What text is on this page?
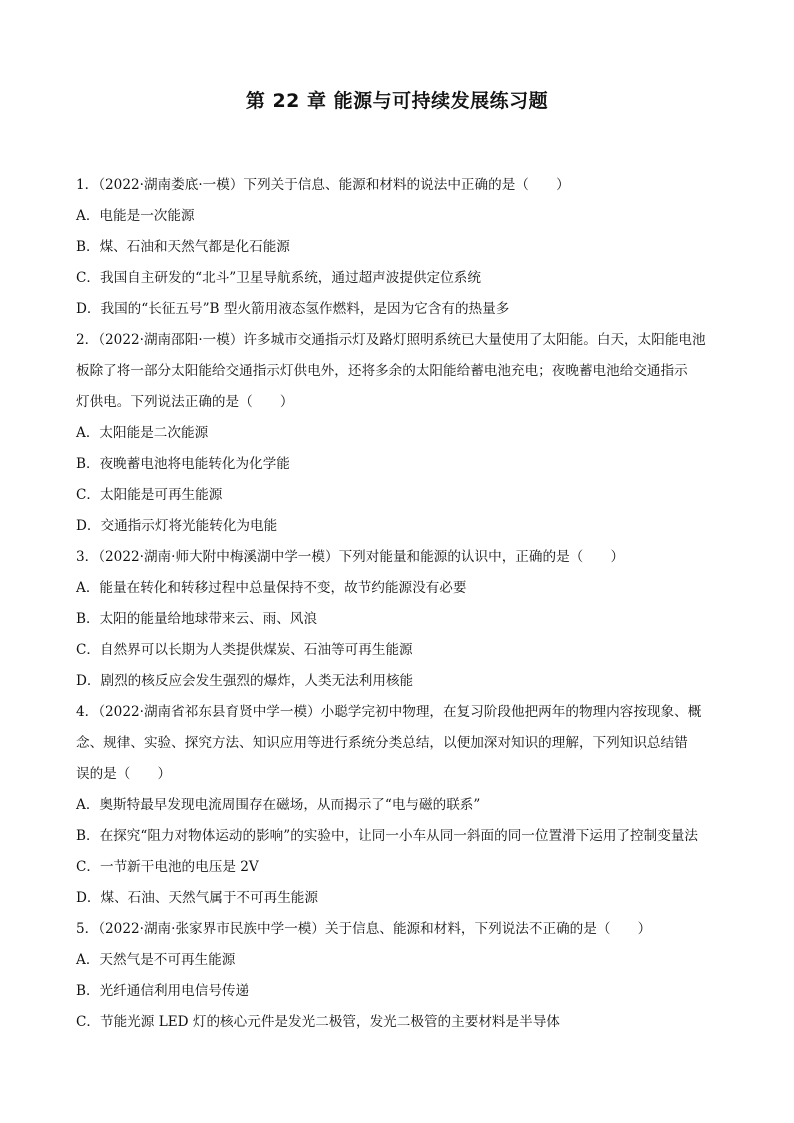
第 22 章 能源与可持续发展练习题
1．（2022·湖南娄底·一模）下列关于信息、能源和材料的说法中正确的是（　　）
A．电能是一次能源
B．煤、石油和天然气都是化石能源
C．我国自主研发的“北斗”卫星导航系统，通过超声波提供定位系统
D．我国的“长征五号”B 型火箭用液态氢作燃料，是因为它含有的热量多
2．（2022·湖南邵阳·一模）许多城市交通指示灯及路灯照明系统已大量使用了太阳能。白天，太阳能电池
板除了将一部分太阳能给交通指示灯供电外，还将多余的太阳能给蓄电池充电；夜晚蓄电池给交通指示
灯供电。下列说法正确的是（　　）
A．太阳能是二次能源
B．夜晚蓄电池将电能转化为化学能
C．太阳能是可再生能源
D．交通指示灯将光能转化为电能
3．（2022·湖南·师大附中梅溪湖中学一模）下列对能量和能源的认识中，正确的是（　　）
A．能量在转化和转移过程中总量保持不变，故节约能源没有必要
B．太阳的能量给地球带来云、雨、风浪
C．自然界可以长期为人类提供煤炭、石油等可再生能源
D．剧烈的核反应会发生强烈的爆炸，人类无法利用核能
4．（2022·湖南省祁东县育贤中学一模）小聪学完初中物理，在复习阶段他把两年的物理内容按现象、概
念、规律、实验、探究方法、知识应用等进行系统分类总结，以便加深对知识的理解，下列知识总结错
误的是（　　）
A．奥斯特最早发现电流周围存在磁场，从而揭示了“电与磁的联系”
B．在探究“阻力对物体运动的影响”的实验中，让同一小车从同一斜面的同一位置滑下运用了控制变量法
C．一节新干电池的电压是 2V
D．煤、石油、天然气属于不可再生能源
5．（2022·湖南·张家界市民族中学一模）关于信息、能源和材料，下列说法不正确的是（　　）
A．天然气是不可再生能源
B．光纤通信利用电信号传递
C．节能光源 LED 灯的核心元件是发光二极管，发光二极管的主要材料是半导体
